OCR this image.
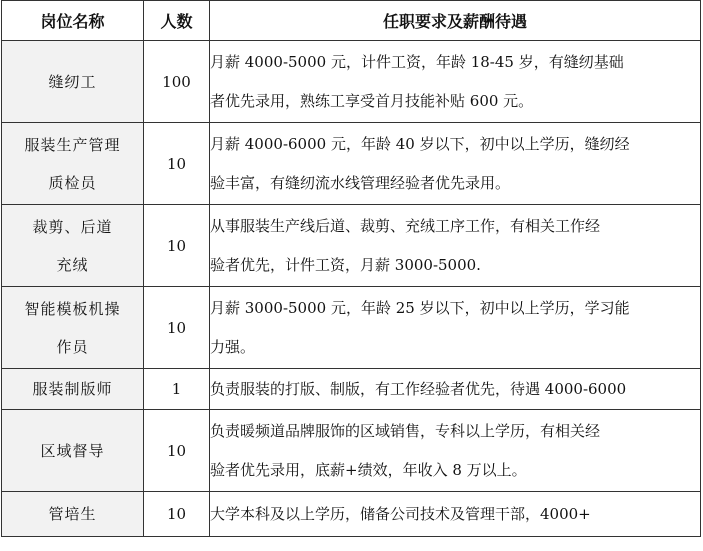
岗位名称	人数	任职要求及薪酬待遇

缝纫工	100	月薪 4000-5000 元，计件工资，年龄 18-45 岁，有缝纫基础
者优先录用，熟练工享受首月技能补贴 600 元。

服装生产管理
质检员	10	月薪 4000-6000 元，年龄 40 岁以下，初中以上学历，缝纫经
验丰富，有缝纫流水线管理经验者优先录用。

裁剪、后道
充绒	10	从事服装生产线后道、裁剪、充绒工序工作，有相关工作经
验者优先，计件工资，月薪 3000-5000.

智能模板机操
作员	10	月薪 3000-5000 元，年龄 25 岁以下，初中以上学历，学习能
力强。

服装制版师	1	负责服装的打版、制版，有工作经验者优先，待遇 4000-6000

区域督导	10	负责暖频道品牌服饰的区域销售，专科以上学历，有相关经
验者优先录用，底薪+绩效，年收入 8 万以上。

管培生	10	大学本科及以上学历，储备公司技术及管理干部，4000+
